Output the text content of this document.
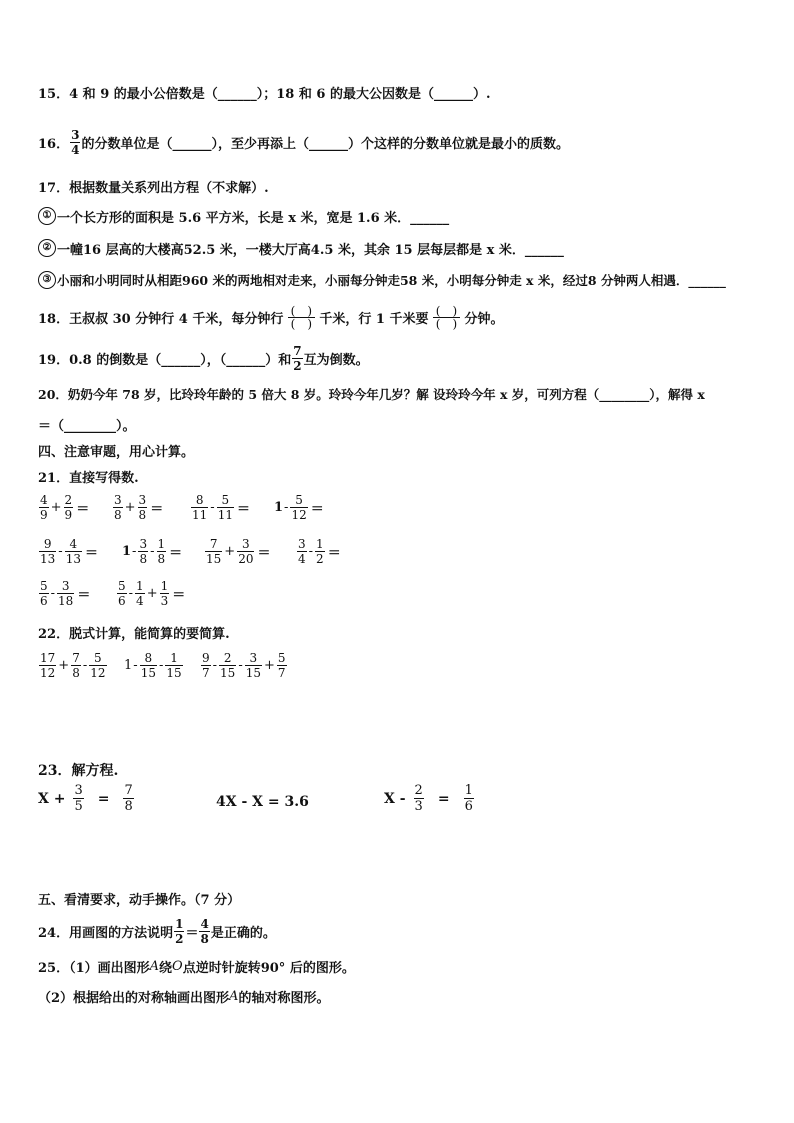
15．4 和 9 的最小公倍数是（______）；18 和 6 的最大公因数是（______）.
16． $\frac{3}{4}$ 的分数单位是（______），至少再添上（______）个这样的分数单位就是最小的质数。
17．根据数量关系列出方程（不求解）.
① 一个长方形的面积是 5.6 平方米，长是 x 米，宽是 1.6 米．______
② 一幢16 层高的大楼高52.5 米，一楼大厅高4.5 米，其余 15 层每层都是 x 米．______
③ 小丽和小明同时从相距960 米的两地相对走来，小丽每分钟走58 米，小明每分钟走 x 米，经过8 分钟两人相遇．______
18．王叔叔 30 分钟行 4 千米，每分钟行 $\frac{( )}{( )}$ 千米，行 1 千米要 $\frac{( )}{( )}$ 分钟。
19．0.8 的倒数是（______），（______）和 $\frac{7}{2}$ 互为倒数。
20．奶奶今年 78 岁，比玲玲年龄的 5 倍大 8 岁。玲玲今年几岁？解 设玲玲今年 x 岁，可列方程（________），解得 x
＝（________）。
四、注意审题，用心计算。
21．直接写得数.
$\frac{4}{9} + \frac{2}{9} = \frac{3}{8} + \frac{3}{8} = \frac{8}{11} - \frac{5}{11} = 1 - \frac{5}{12}$ ＝
$\frac{9}{13} - \frac{4}{13} = 1 - \frac{3}{8} - \frac{1}{8} = \frac{7}{15} + \frac{3}{20} = \frac{3}{4} - \frac{1}{2}$ ＝
$\frac{5}{6} - \frac{3}{18} = \frac{5}{6} - \frac{1}{4} + \frac{1}{3}$ ＝
22．脱式计算，能简算的要简算.
$\frac{17}{12} + \frac{7}{8} - \frac{5}{12} 1 - \frac{8}{15} - \frac{1}{15} \frac{9}{7} - \frac{2}{15} - \frac{3}{15} + \frac{5}{7}$
23．解方程.
$X + \frac{3}{5} = \frac{7}{8}$	4X - X = 3.6	$X - \frac{2}{3} = \frac{1}{6}$
五、看清要求，动手操作。（7 分）
24．用画图的方法说明 $\frac{1}{2} = \frac{4}{8}$ 是正确的。
25．（1）画出图形 A 绕 O 点逆时针旋转90° 后的图形。
（2）根据给出的对称轴画出图形 A 的轴对称图形。
